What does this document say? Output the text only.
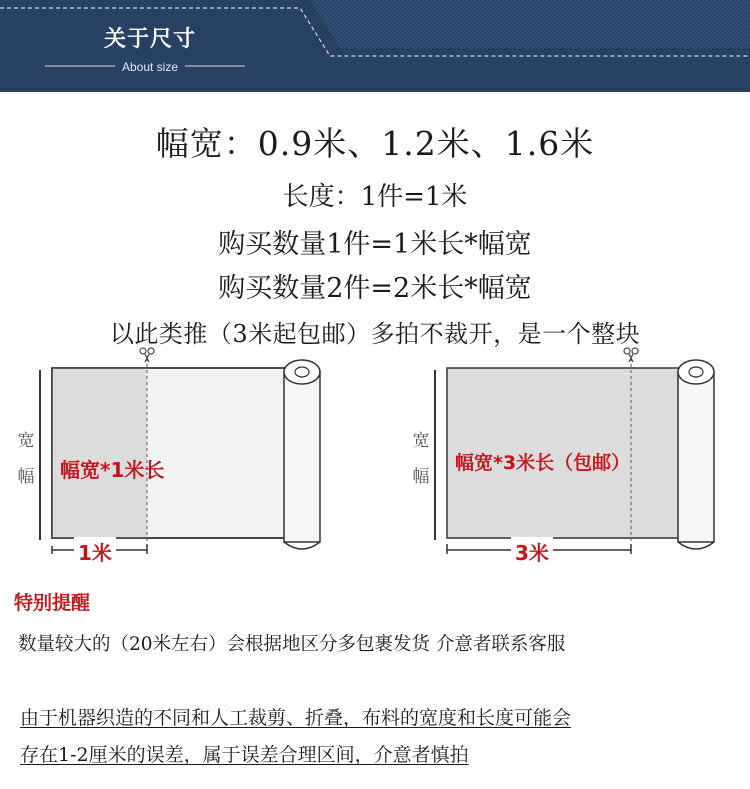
关于尺寸
About size
幅宽：0.9米、1.2米、1.6米
长度：1件=1米
购买数量1件=1米长*幅宽
购买数量2件=2米长*幅宽
以此类推（3米起包邮）多拍不裁开，是一个整块
宽
幅 幅宽*1米长
1米
宽
幅
幅宽*3米长（包邮）
3米
特别提醒
数量较大的（20米左右）会根据地区分多包裹发货 介意者联系客服
由于机器织造的不同和人工裁剪、折叠，布料的宽度和长度可能会
存在1-2厘米的误差，属于误差合理区间，介意者慎拍
